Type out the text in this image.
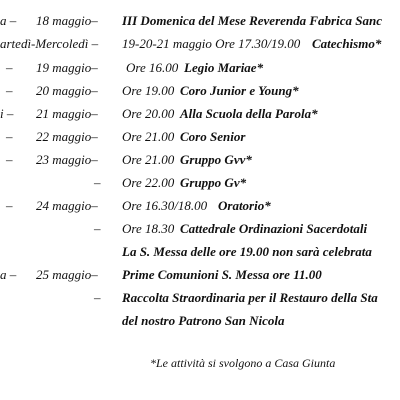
a – 18 maggio– III Domenica del Mese Reverenda Fabrica Sanc
artedì-Mercoledì – 19-20-21 maggio Ore 17.30/19.00 Catechismo*
– 19 maggio– Ore 16.00 Legio Mariae*
– 20 maggio– Ore 19.00 Coro Junior e Young*
i – 21 maggio– Ore 20.00 Alla Scuola della Parola*
– 22 maggio– Ore 21.00 Coro Senior
– 23 maggio– Ore 21.00 Gruppo Gvv*
– Ore 22.00 Gruppo Gv*
– 24 maggio– Ore 16.30/18.00 Oratorio*
– Ore 18.30 Cattedrale Ordinazioni Sacerdotali
La S. Messa delle ore 19.00 non sarà celebrata
a – 25 maggio– Prime Comunioni S. Messa ore 11.00
– Raccolta Straordinaria per il Restauro della Sta
del nostro Patrono San Nicola
*Le attività si svolgono a Casa Giunta
